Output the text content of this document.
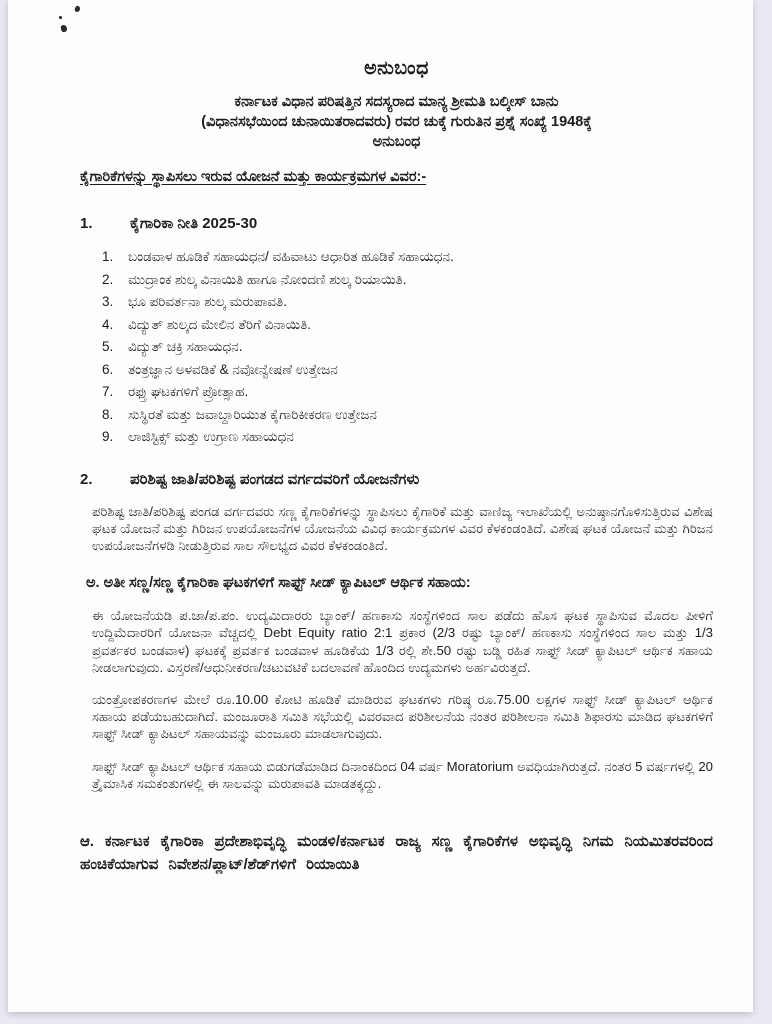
ಅನುಬಂಧ
ಕರ್ನಾಟಕ ವಿಧಾನ ಪರಿಷತ್ತಿನ ಸದಸ್ಯರಾದ ಮಾನ್ಯ ಶ್ರೀಮತಿ ಬಲ್ಕೀಸ್ ಬಾನು
(ವಿಧಾನಸಭೆಯಿಂದ ಚುನಾಯಿತರಾದವರು) ರವರ ಚುಕ್ಕೆ ಗುರುತಿನ ಪ್ರಶ್ನೆ ಸಂಖ್ಯೆ 1948ಕ್ಕೆ
ಅನುಬಂಧ
ಕೈಗಾರಿಕೆಗಳನ್ನು ಸ್ಥಾಪಿಸಲು ಇರುವ ಯೋಜನೆ ಮತ್ತು ಕಾರ್ಯಕ್ರಮಗಳ ವಿವರ:-
1.	ಕೈಗಾರಿಕಾ ನೀತಿ 2025-30
1.	ಬಂಡವಾಳ ಹೂಡಿಕೆ ಸಹಾಯಧನ/ ವಹಿವಾಟು ಆಧಾರಿತ ಹೂಡಿಕೆ ಸಹಾಯಧನ.
2.	ಮುದ್ರಾಂಕ ಶುಲ್ಕ ವಿನಾಯಿತಿ ಹಾಗೂ ನೋಂದಣಿ ಶುಲ್ಕ ರಿಯಾಯಿತಿ.
3.	ಭೂ ಪರಿವರ್ತನಾ ಶುಲ್ಕ ಮರುಪಾವತಿ.
4.	ವಿದ್ಯುತ್ ಶುಲ್ಕದ ಮೇಲಿನ ತೆರಿಗೆ ವಿನಾಯಿತಿ.
5.	ವಿದ್ಯುತ್ ಚಕ್ರಿ ಸಹಾಯಧನ.
6.	ತಂತ್ರಜ್ಞಾನ ಅಳವಡಿಕೆ & ನವೋನ್ವೇಷಣೆ ಉತ್ತೇಜನ
7.	ರಫ್ತು ಘಟಕಗಳಿಗೆ ಪ್ರೋತ್ಸಾಹ.
8.	ಸುಸ್ಥಿರತೆ ಮತ್ತು ಜವಾಬ್ದಾರಿಯುತ ಕೈಗಾರಿಕೀಕರಣ ಉತ್ತೇಜನ
9.	ಲಾಜಿಸ್ಟಿಕ್ಸ್ ಮತ್ತು ಉಗ್ರಾಣ ಸಹಾಯಧನ
2.	ಪರಿಶಿಷ್ಟ ಜಾತಿ/ಪರಿಶಿಷ್ಟ ಪಂಗಡದ ವರ್ಗದವರಿಗೆ ಯೋಜನೆಗಳು
ಪರಿಶಿಷ್ಟ ಜಾತಿ/ಪರಿಶಿಷ್ಟ ಪಂಗಡ ವರ್ಗದವರು ಸಣ್ಣ ಕೈಗಾರಿಕೆಗಳನ್ನು ಸ್ಥಾಪಿಸಲು ಕೈಗಾರಿಕೆ ಮತ್ತು ವಾಣಿಜ್ಯ ಇಲಾಖೆಯಲ್ಲಿ ಅನುಷ್ಠಾನಗೊಳಿಸುತ್ತಿರುವ ವಿಶೇಷ ಘಟಕ ಯೋಜನೆ ಮತ್ತು ಗಿರಿಜನ ಉಪಯೋಜನೆಗಳ ಯೋಜನೆಯ ವಿವಿಧ ಕಾರ್ಯಕ್ರಮಗಳ ವಿವರ ಕೆಳಕಂಡಂತಿದೆ. ವಿಶೇಷ ಘಟಕ ಯೋಜನೆ ಮತ್ತು ಗಿರಿಜನ ಉಪಯೋಜನೆಗಳಡಿ ನೀಡುತ್ತಿರುವ ಸಾಲ ಸೌಲಭ್ಯದ ವಿವರ ಕೆಳಕಂಡಂತಿದೆ.
ಅ. ಅತೀ ಸಣ್ಣ/ಸಣ್ಣ ಕೈಗಾರಿಕಾ ಘಟಕಗಳಿಗೆ ಸಾಫ್ಟ್ ಸೀಡ್ ಕ್ಯಾಪಿಟಲ್ ಆರ್ಥಿಕ ಸಹಾಯ:
ಈ ಯೋಜನೆಯಡಿ ಪ.ಜಾ/ಪ.ಪಂ. ಉದ್ಯಮಿದಾರರು ಬ್ಯಾಂಕ್/ ಹಣಕಾಸು ಸಂಸ್ಥೆಗಳಿಂದ ಸಾಲ ಪಡೆದು ಹೊಸ ಘಟಕ ಸ್ಥಾಪಿಸುವ ಮೊದಲ ಪೀಳಿಗೆ ಉದ್ದಿಮೆದಾರರಿಗೆ ಯೋಜನಾ ವೆಚ್ಚದಲ್ಲಿ Debt Equity ratio 2:1 ಪ್ರಕಾರ (2/3 ರಷ್ಟು ಬ್ಯಾಂಕ್/ ಹಣಕಾಸು ಸಂಸ್ಥೆಗಳಿಂದ ಸಾಲ ಮತ್ತು 1/3 ಪ್ರವರ್ತಕರ ಬಂಡವಾಳ) ಘಟಕಕ್ಕೆ ಪ್ರವರ್ತಕ ಬಂಡವಾಳ ಹೂಡಿಕೆಯ 1/3 ರಲ್ಲಿ ಶೇ.50 ರಷ್ಟು ಬಡ್ಡಿ ರಹಿತ ಸಾಫ್ಟ್ ಸೀಡ್ ಕ್ಯಾಪಿಟಲ್ ಆರ್ಥಿಕ ಸಹಾಯ ನೀಡಲಾಗುವುದು. ವಿಸ್ತರಣೆ/ಆಧುನೀಕರಣ/ಚಟುವಟಿಕೆ ಬದಲಾವಣೆ ಹೊಂದಿದ ಉದ್ಯಮಗಳು ಅರ್ಹವಿರುತ್ತದೆ.
ಯಂತ್ರೋಪಕರಣಗಳ ಮೇಲೆ ರೂ.10.00 ಕೋಟಿ ಹೂಡಿಕೆ ಮಾಡಿರುವ ಘಟಕಗಳು ಗರಿಷ್ಠ ರೂ.75.00 ಲಕ್ಷಗಳ ಸಾಫ್ಟ್ ಸೀಡ್ ಕ್ಯಾಪಿಟಲ್ ಆರ್ಥಿಕ ಸಹಾಯ ಪಡೆಯಬಹುದಾಗಿದೆ. ಮಂಜೂರಾತಿ ಸಮಿತಿ ಸಭೆಯಲ್ಲಿ ವಿವರವಾದ ಪರಿಶೀಲನೆಯ ನಂತರ ಪರಿಶೀಲನಾ ಸಮಿತಿ ಶಿಫಾರಸು ಮಾಡಿದ ಘಟಕಗಳಿಗೆ ಸಾಫ್ಟ್ ಸೀಡ್ ಕ್ಯಾಪಿಟಲ್ ಸಹಾಯವನ್ನು ಮಂಜೂರು ಮಾಡಲಾಗುವುದು.
ಸಾಫ್ಟ್ ಸೀಡ್ ಕ್ಯಾಪಿಟಲ್ ಆರ್ಥಿಕ ಸಹಾಯ ಬಿಡುಗಡೆಮಾಡಿದ ದಿನಾಂಕದಿಂದ 04 ವರ್ಷ Moratorium ಅವಧಿಯಾಗಿರುತ್ತದೆ. ನಂತರ 5 ವರ್ಷಗಳಲ್ಲಿ 20 ತ್ರೈಮಾಸಿಕ ಸಮಕಂತುಗಳಲ್ಲಿ ಈ ಸಾಲವನ್ನು ಮರುಪಾವತಿ ಮಾಡತಕ್ಕದ್ದು.
ಆ. ಕರ್ನಾಟಕ ಕೈಗಾರಿಕಾ ಪ್ರದೇಶಾಭಿವೃದ್ಧಿ ಮಂಡಳಿ/ಕರ್ನಾಟಕ ರಾಜ್ಯ ಸಣ್ಣ ಕೈಗಾರಿಕೆಗಳ ಅಭಿವೃದ್ಧಿ ನಿಗಮ ನಿಯಮಿತರವರಿಂದ ಹಂಚಿಕೆಯಾಗುವ ನಿವೇಶನ/ಪ್ಲಾಟ್/ಶೆಡ್‌ಗಳಿಗೆ ರಿಯಾಯಿತಿ
